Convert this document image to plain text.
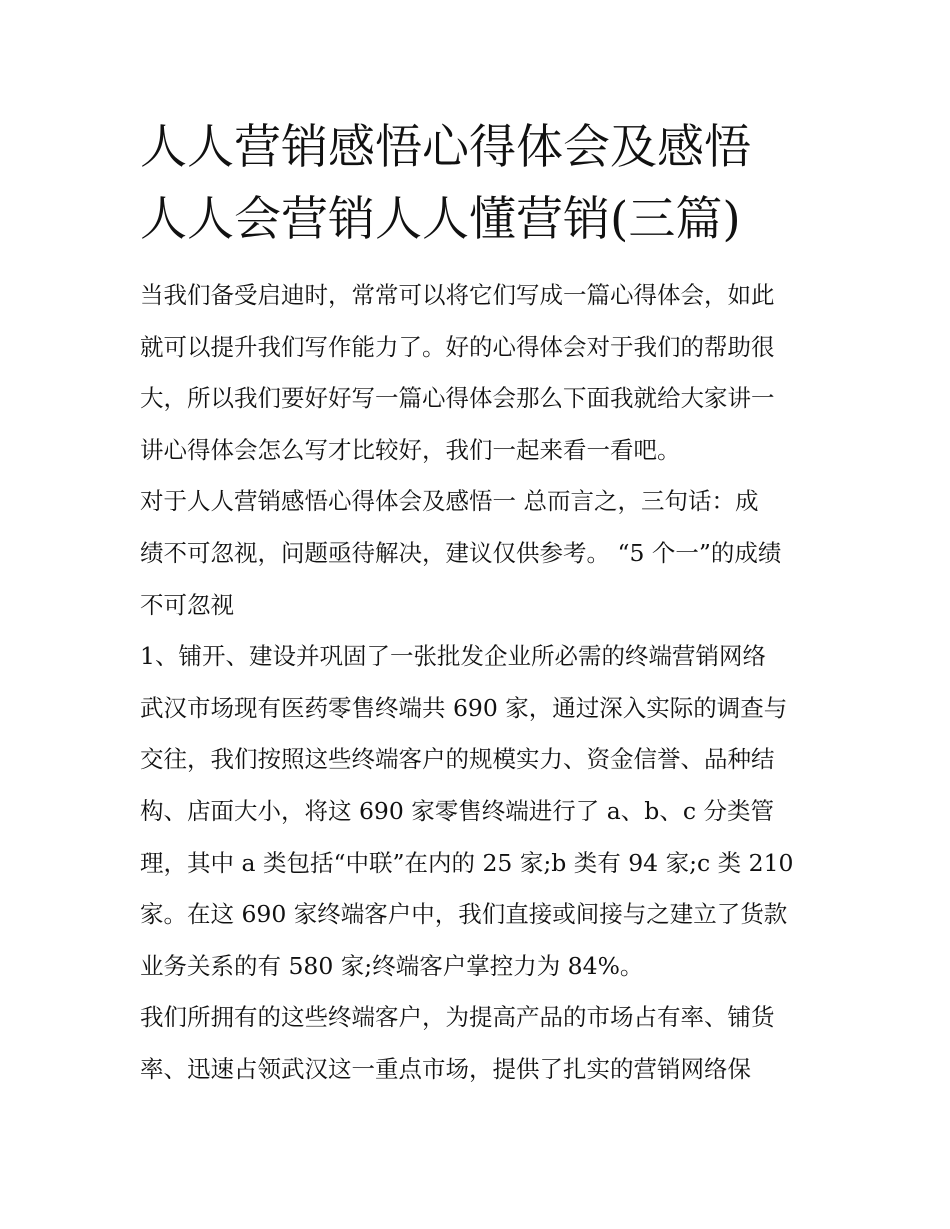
人人营销感悟心得体会及感悟
人人会营销人人懂营销(三篇)
当我们备受启迪时，常常可以将它们写成一篇心得体会，如此
就可以提升我们写作能力了。好的心得体会对于我们的帮助很
大，所以我们要好好写一篇心得体会那么下面我就给大家讲一
讲心得体会怎么写才比较好，我们一起来看一看吧。
对于人人营销感悟心得体会及感悟一 总而言之，三句话：成
绩不可忽视，问题亟待解决，建议仅供参考。 “5 个一”的成绩
不可忽视
1、铺开、建设并巩固了一张批发企业所必需的终端营销网络
武汉市场现有医药零售终端共 690 家，通过深入实际的调查与
交往，我们按照这些终端客户的规模实力、资金信誉、品种结
构、店面大小，将这 690 家零售终端进行了 a、b、c 分类管
理，其中 a 类包括“中联”在内的 25 家;b 类有 94 家;c 类 210
家。在这 690 家终端客户中，我们直接或间接与之建立了货款
业务关系的有 580 家;终端客户掌控力为 84%。
我们所拥有的这些终端客户，为提高产品的市场占有率、铺货
率、迅速占领武汉这一重点市场，提供了扎实的营销网络保
